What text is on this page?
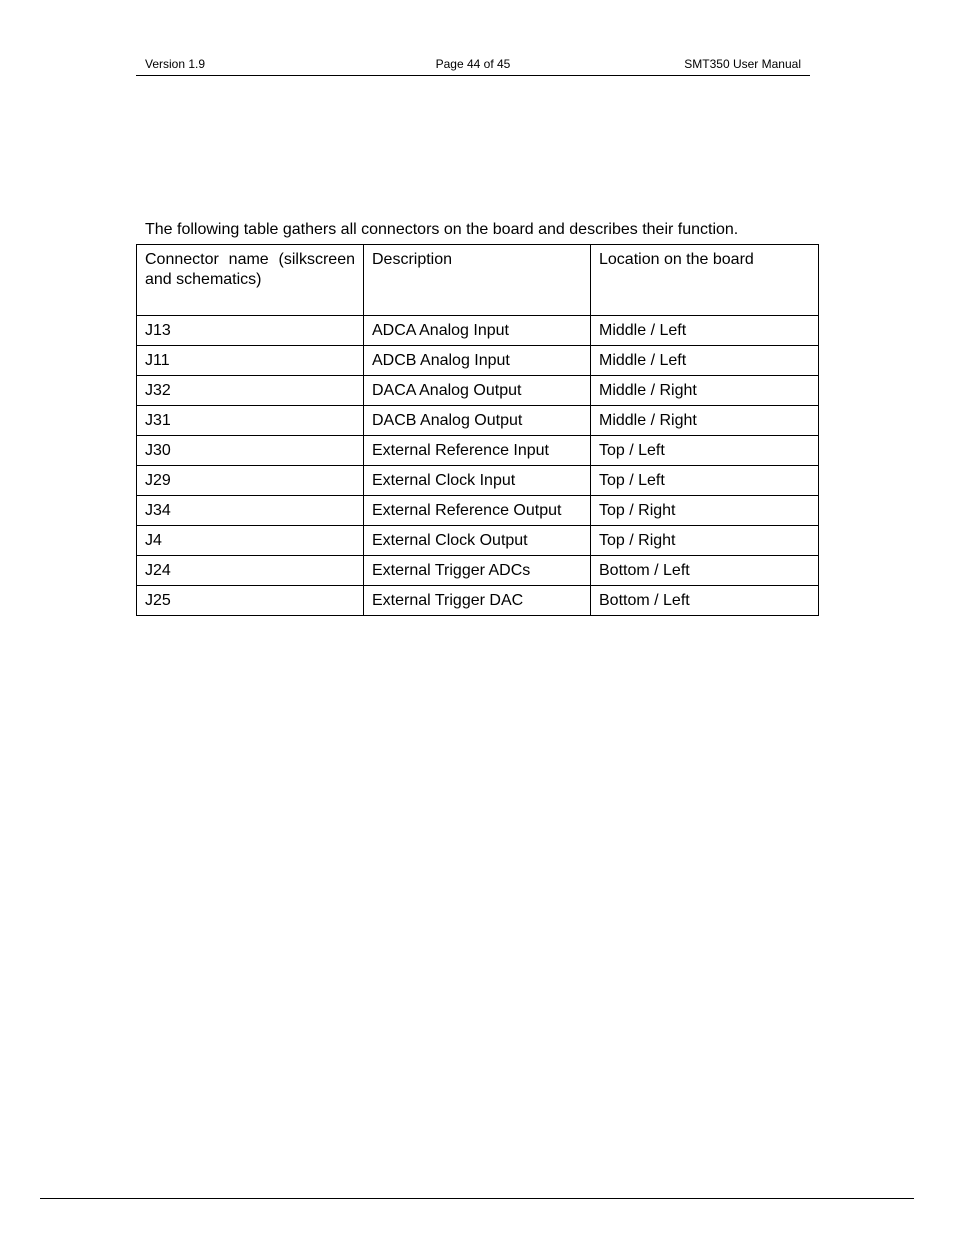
Version 1.9	Page 44 of 45	SMT350 User Manual
The following table gathers all connectors on the board and describes their function.
Connector name (silkscreen and schematics)	Description	Location on the board
J13	ADCA Analog Input	Middle / Left
J11	ADCB Analog Input	Middle / Left
J32	DACA Analog Output	Middle / Right
J31	DACB Analog Output	Middle / Right
J30	External Reference Input	Top / Left
J29	External Clock Input	Top / Left
J34	External Reference Output	Top / Right
J4	External Clock Output	Top / Right
J24	External Trigger ADCs	Bottom / Left
J25	External Trigger DAC	Bottom / Left
